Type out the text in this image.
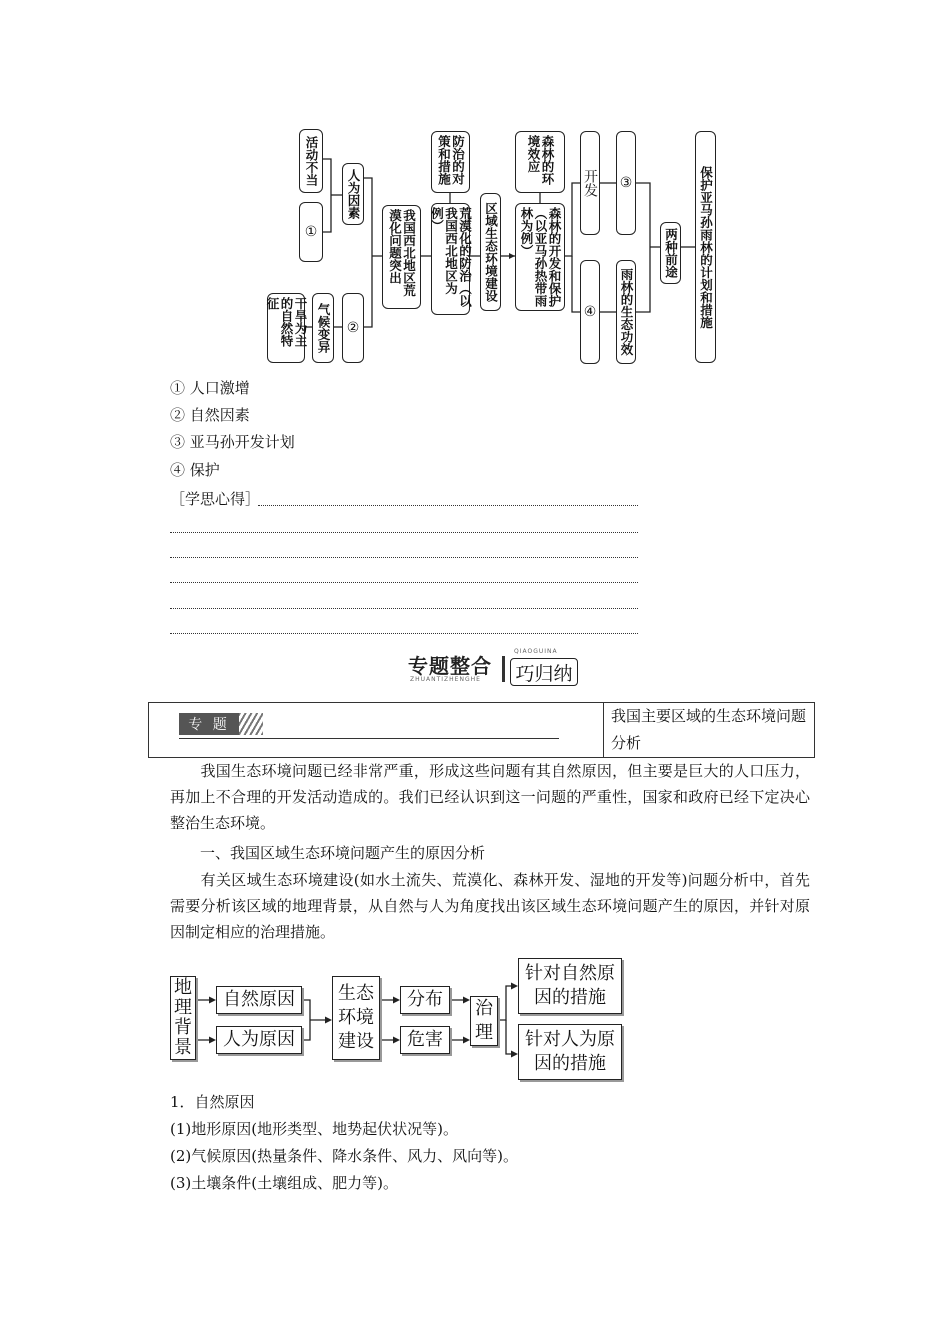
活动不当
①
干旱为主的自然特征	气候变异
人为因素
②
我国西北地区荒漠化问题突出
防治的对策和措施
荒漠化的防治（以我国西北地区为例）	区域生态环境建设
森林的环境效应
森林的开发和保护（以亚马孙热带雨林为例）
开发
④
③
雨林的生态功效
两种前途 保护亚马孙雨林的计划和措施
① 人口激增
② 自然因素
③ 亚马孙开发计划
④ 保护
［学思心得］
专题整合
ZHUANTIZHENGHE
QIAOGUINA
巧归纳
专 题	我国主要区域的生态环境问题分析
　　我国生态环境问题已经非常严重，形成这些问题有其自然原因，但主要是巨大的人口压力，再加上不合理的开发活动造成的。我们已经认识到这一问题的严重性，国家和政府已经下定决心整治生态环境。
　　一、我国区域生态环境问题产生的原因分析
　　有关区域生态环境建设(如水土流失、荒漠化、森林开发、湿地的开发等)问题分析中，首先需要分析该区域的地理背景，从自然与人为角度找出该区域生态环境问题产生的原因，并针对原因制定相应的治理措施。
地理背景
自然原因
人为原因
生态环境建设
分布
危害
治理
针对自然原因的措施
针对人为原因的措施
1．自然原因
(1)地形原因(地形类型、地势起伏状况等)。
(2)气候原因(热量条件、降水条件、风力、风向等)。
(3)土壤条件(土壤组成、肥力等)。
